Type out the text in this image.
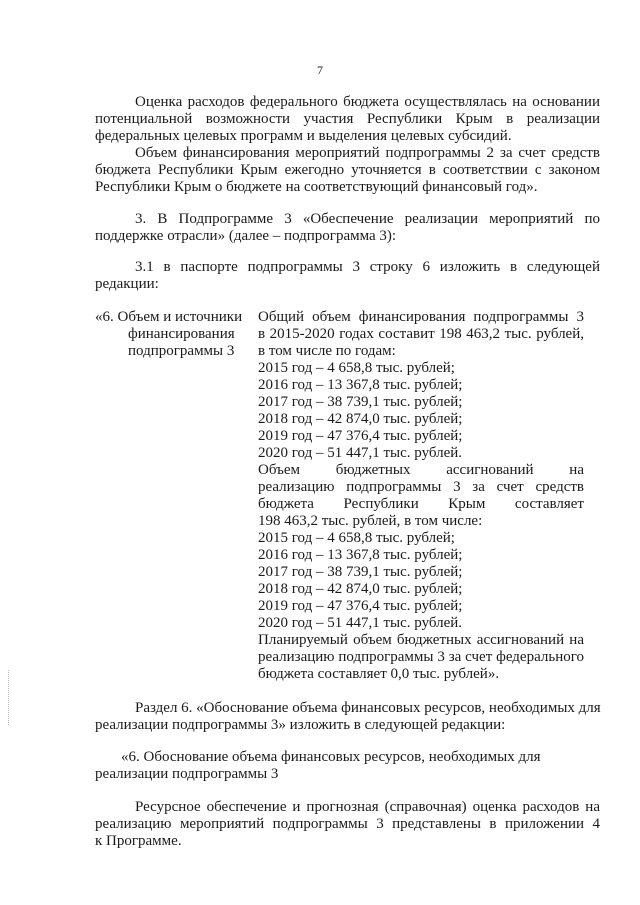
7
Оценка расходов федерального бюджета осуществлялась на основании
потенциальной возможности участия Республики Крым в реализации
федеральных целевых программ и выделения целевых субсидий.
Объем финансирования мероприятий подпрограммы 2 за счет средств
бюджета Республики Крым ежегодно уточняется в соответствии с законом
Республики Крым о бюджете на соответствующий финансовый год».
3. В Подпрограмме 3 «Обеспечение реализации мероприятий по
поддержке отрасли» (далее – подпрограмма 3):
3.1 в паспорте подпрограммы 3 строку 6 изложить в следующей
редакции:
«6. Объем и источники
финансирования
подпрограммы 3
Общий объем финансирования подпрограммы 3
в 2015-2020 годах составит 198 463,2 тыс. рублей,
в том числе по годам:
2015 год – 4 658,8 тыс. рублей;
2016 год – 13 367,8 тыс. рублей;
2017 год – 38 739,1 тыс. рублей;
2018 год – 42 874,0 тыс. рублей;
2019 год – 47 376,4 тыс. рублей;
2020 год – 51 447,1 тыс. рублей.
Объем бюджетных ассигнований на
реализацию подпрограммы 3 за счет средств
бюджета Республики Крым составляет
198 463,2 тыс. рублей, в том числе:
2015 год – 4 658,8 тыс. рублей;
2016 год – 13 367,8 тыс. рублей;
2017 год – 38 739,1 тыс. рублей;
2018 год – 42 874,0 тыс. рублей;
2019 год – 47 376,4 тыс. рублей;
2020 год – 51 447,1 тыс. рублей.
Планируемый объем бюджетных ассигнований на
реализацию подпрограммы 3 за счет федерального
бюджета составляет 0,0 тыс. рублей».
Раздел 6. «Обоснование объема финансовых ресурсов, необходимых для
реализации подпрограммы 3» изложить в следующей редакции:
«6. Обоснование объема финансовых ресурсов, необходимых для
реализации подпрограммы 3
Ресурсное обеспечение и прогнозная (справочная) оценка расходов на
реализацию мероприятий подпрограммы 3 представлены в приложении 4
к Программе.
